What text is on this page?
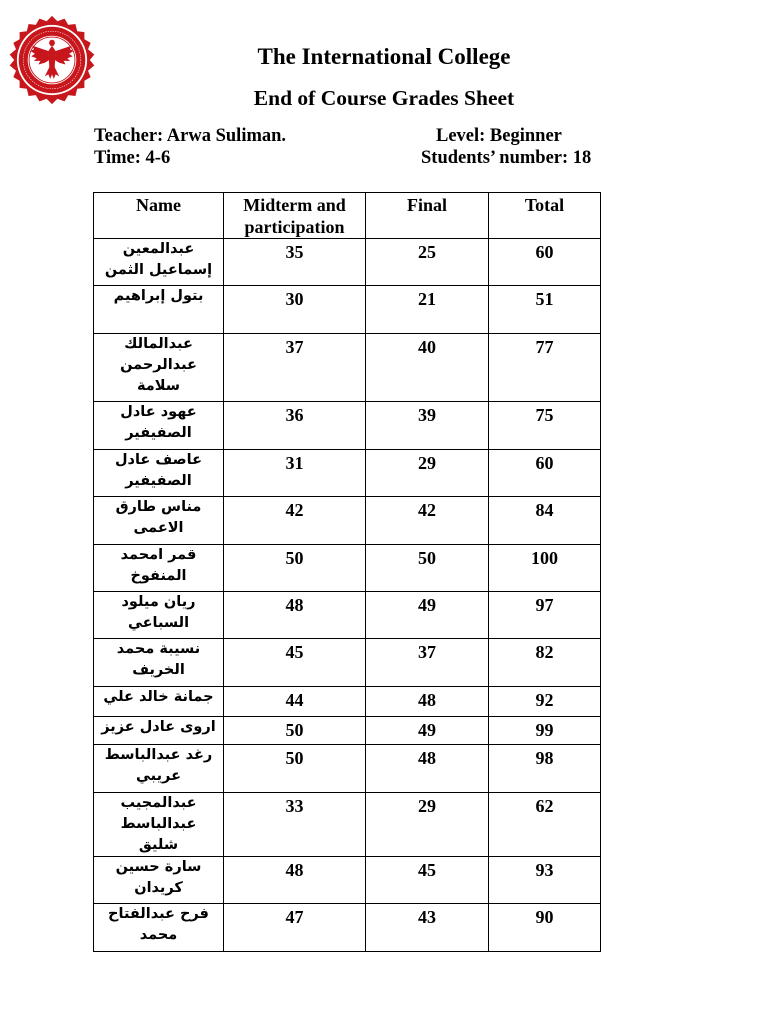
The International College
End of Course Grades Sheet
Teacher: Arwa Suliman.
Time: 4-6
Level: Beginner
Students’ number: 18
Name	Midterm and participation	Final	Total
عبدالمعين إسماعيل الثمن	35	25	60
بتول إبراهيم	30	21	51
عبدالمالك عبدالرحمن سلامة	37	40	77
عهود عادل الصفيفير	36	39	75
عاصف عادل الصفيفير	31	29	60
مناس طارق الاعمى	42	42	84
قمر امحمد المنفوخ	50	50	100
ريان ميلود السباعي	48	49	97
نسيبة محمد الخريف	45	37	82
جمانة خالد علي	44	48	92
اروى عادل عزيز	50	49	99
رغد عبدالباسط عريبي	50	48	98
عبدالمجيب عبدالباسط شليق	33	29	62
سارة حسين كريدان	48	45	93
فرح عبدالفتاح محمد	47	43	90
